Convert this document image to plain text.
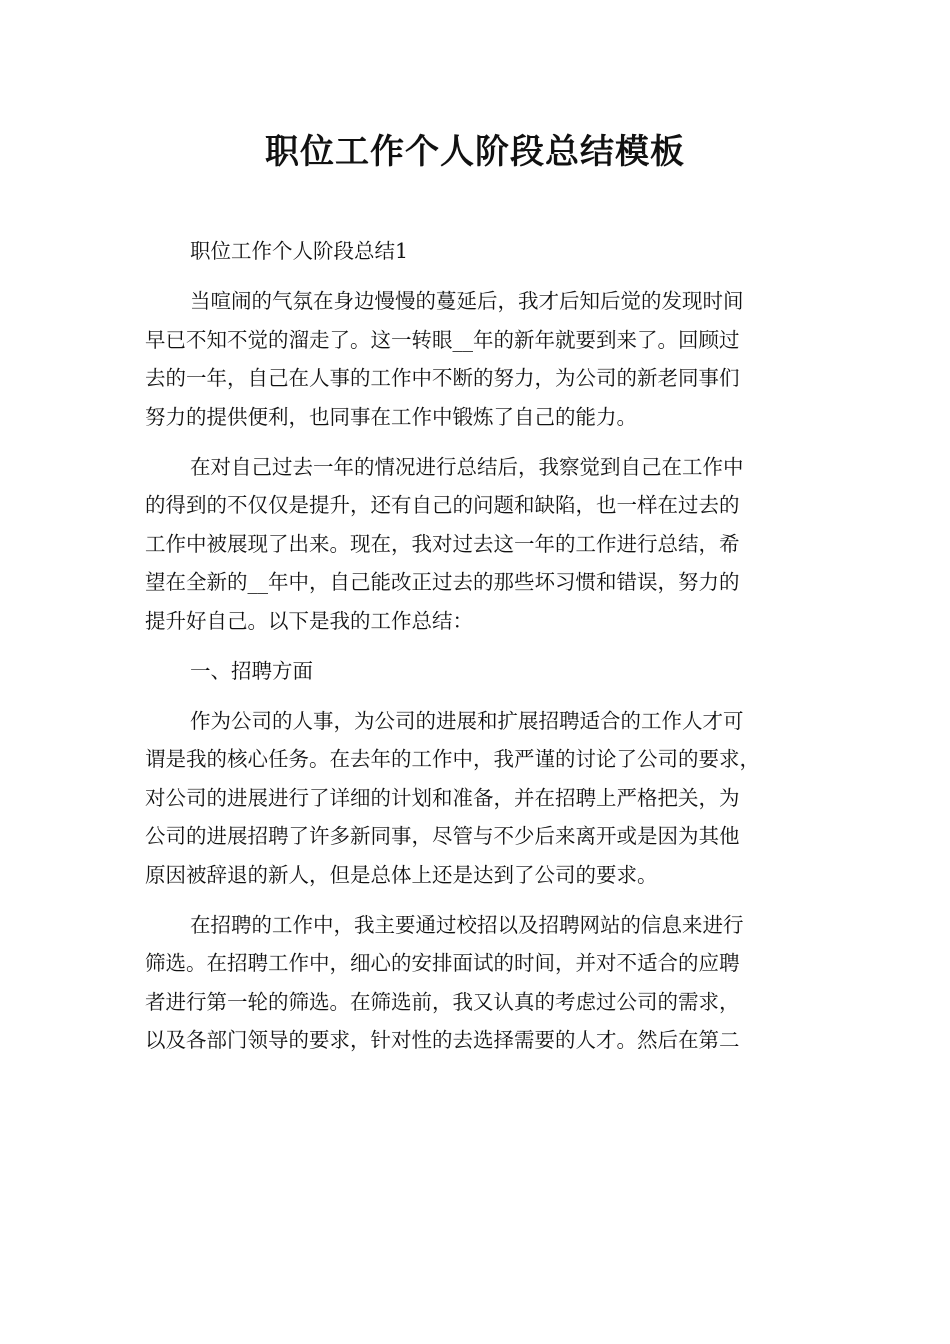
职位工作个人阶段总结模板

职位工作个人阶段总结1

当喧闹的气氛在身边慢慢的蔓延后，我才后知后觉的发现时间
早已不知不觉的溜走了。这一转眼__年的新年就要到来了。回顾过
去的一年，自己在人事的工作中不断的努力，为公司的新老同事们
努力的提供便利，也同事在工作中锻炼了自己的能力。

在对自己过去一年的情况进行总结后，我察觉到自己在工作中
的得到的不仅仅是提升，还有自己的问题和缺陷，也一样在过去的
工作中被展现了出来。现在，我对过去这一年的工作进行总结，希
望在全新的__年中，自己能改正过去的那些坏习惯和错误，努力的
提升好自己。以下是我的工作总结：

一、招聘方面

作为公司的人事，为公司的进展和扩展招聘适合的工作人才可
谓是我的核心任务。在去年的工作中，我严谨的讨论了公司的要求，
对公司的进展进行了详细的计划和准备，并在招聘上严格把关，为
公司的进展招聘了许多新同事，尽管与不少后来离开或是因为其他
原因被辞退的新人，但是总体上还是达到了公司的要求。

在招聘的工作中，我主要通过校招以及招聘网站的信息来进行
筛选。在招聘工作中，细心的安排面试的时间，并对不适合的应聘
者进行第一轮的筛选。在筛选前，我又认真的考虑过公司的需求，
以及各部门领导的要求，针对性的去选择需要的人才。然后在第二
